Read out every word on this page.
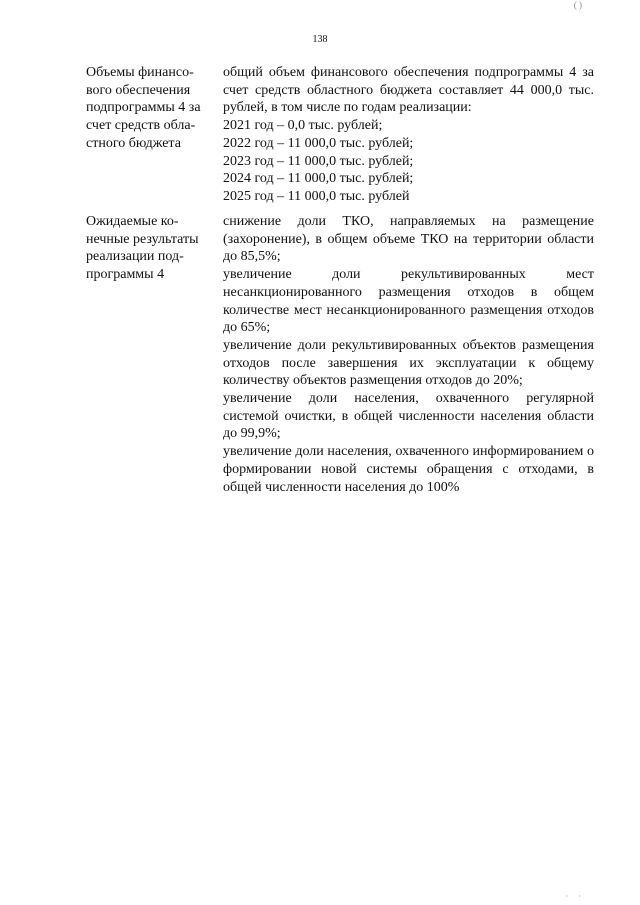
( )
138
Объемы финансо-
вого обеспечения
подпрограммы 4 за
счет средств обла-
стного бюджета
общий объем финансового обеспечения подпрограммы 4 за счет средств областного бюджета составляет 44 000,0 тыс. рублей, в том числе по годам реализации:
2021 год – 0,0 тыс. рублей;
2022 год – 11 000,0 тыс. рублей;
2023 год – 11 000,0 тыс. рублей;
2024 год – 11 000,0 тыс. рублей;
2025 год – 11 000,0 тыс. рублей
Ожидаемые ко-
нечные результаты
реализации под-
программы 4
снижение доли ТКО, направляемых на размещение (захоронение), в общем объеме ТКО на территории области до 85,5%;
увеличение доли рекультивированных мест несанкционированного размещения отходов в общем количестве мест несанкционированного размещения отходов до 65%;
увеличение доли рекультивированных объектов размещения отходов после завершения их эксплуатации к общему количеству объектов размещения отходов до 20%;
увеличение доли населения, охваченного регулярной системой очистки, в общей численности населения области до 99,9%;
увеличение доли населения, охваченного информированием о формировании новой системы обращения с отходами, в общей численности населения до 100%
· ·
